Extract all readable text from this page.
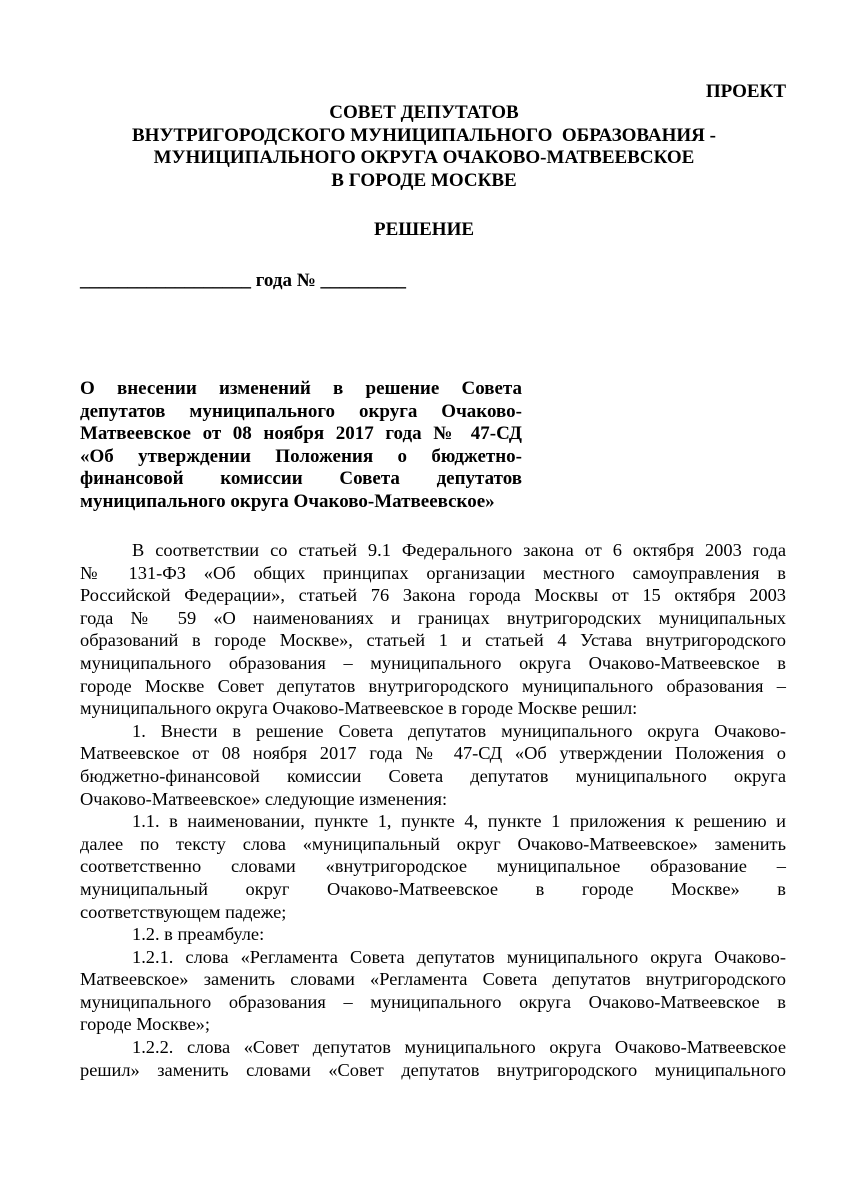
ПРОЕКТ
СОВЕТ ДЕПУТАТОВ
ВНУТРИГОРОДСКОГО МУНИЦИПАЛЬНОГО  ОБРАЗОВАНИЯ -
МУНИЦИПАЛЬНОГО ОКРУГА ОЧАКОВО-МАТВЕЕВСКОЕ
В ГОРОДЕ МОСКВЕ
РЕШЕНИЕ
__________________ года № _________
О внесении изменений в решение Совета
депутатов муниципального округа Очаково-
Матвеевское от 08 ноября 2017 года № 47-СД
«Об утверждении Положения о бюджетно-
финансовой комиссии Совета депутатов
муниципального округа Очаково-Матвеевское»
В соответствии со статьей 9.1 Федерального закона от 6 октября 2003 года
№ 131-ФЗ «Об общих принципах организации местного самоуправления в
Российской Федерации», статьей 76 Закона города Москвы от 15 октября 2003
года № 59 «О наименованиях и границах внутригородских муниципальных
образований в городе Москве», статьей 1 и статьей 4 Устава внутригородского
муниципального образования – муниципального округа Очаково-Матвеевское в
городе Москве Совет депутатов внутригородского муниципального образования –
муниципального округа Очаково-Матвеевское в городе Москве решил:
1. Внести в решение Совета депутатов муниципального округа Очаково-
Матвеевское от 08 ноября 2017 года № 47-СД «Об утверждении Положения о
бюджетно-финансовой комиссии Совета депутатов муниципального округа
Очаково-Матвеевское» следующие изменения:
1.1. в наименовании, пункте 1, пункте 4, пункте 1 приложения к решению и
далее по тексту слова «муниципальный округ Очаково-Матвеевское» заменить
соответственно словами «внутригородское муниципальное образование –
муниципальный округ Очаково-Матвеевское в городе Москве» в
соответствующем падеже;
1.2. в преамбуле:
1.2.1. слова «Регламента Совета депутатов муниципального округа Очаково-
Матвеевское» заменить словами «Регламента Совета депутатов внутригородского
муниципального образования – муниципального округа Очаково-Матвеевское в
городе Москве»;
1.2.2. слова «Совет депутатов муниципального округа Очаково-Матвеевское
решил» заменить словами «Совет депутатов внутригородского муниципального
